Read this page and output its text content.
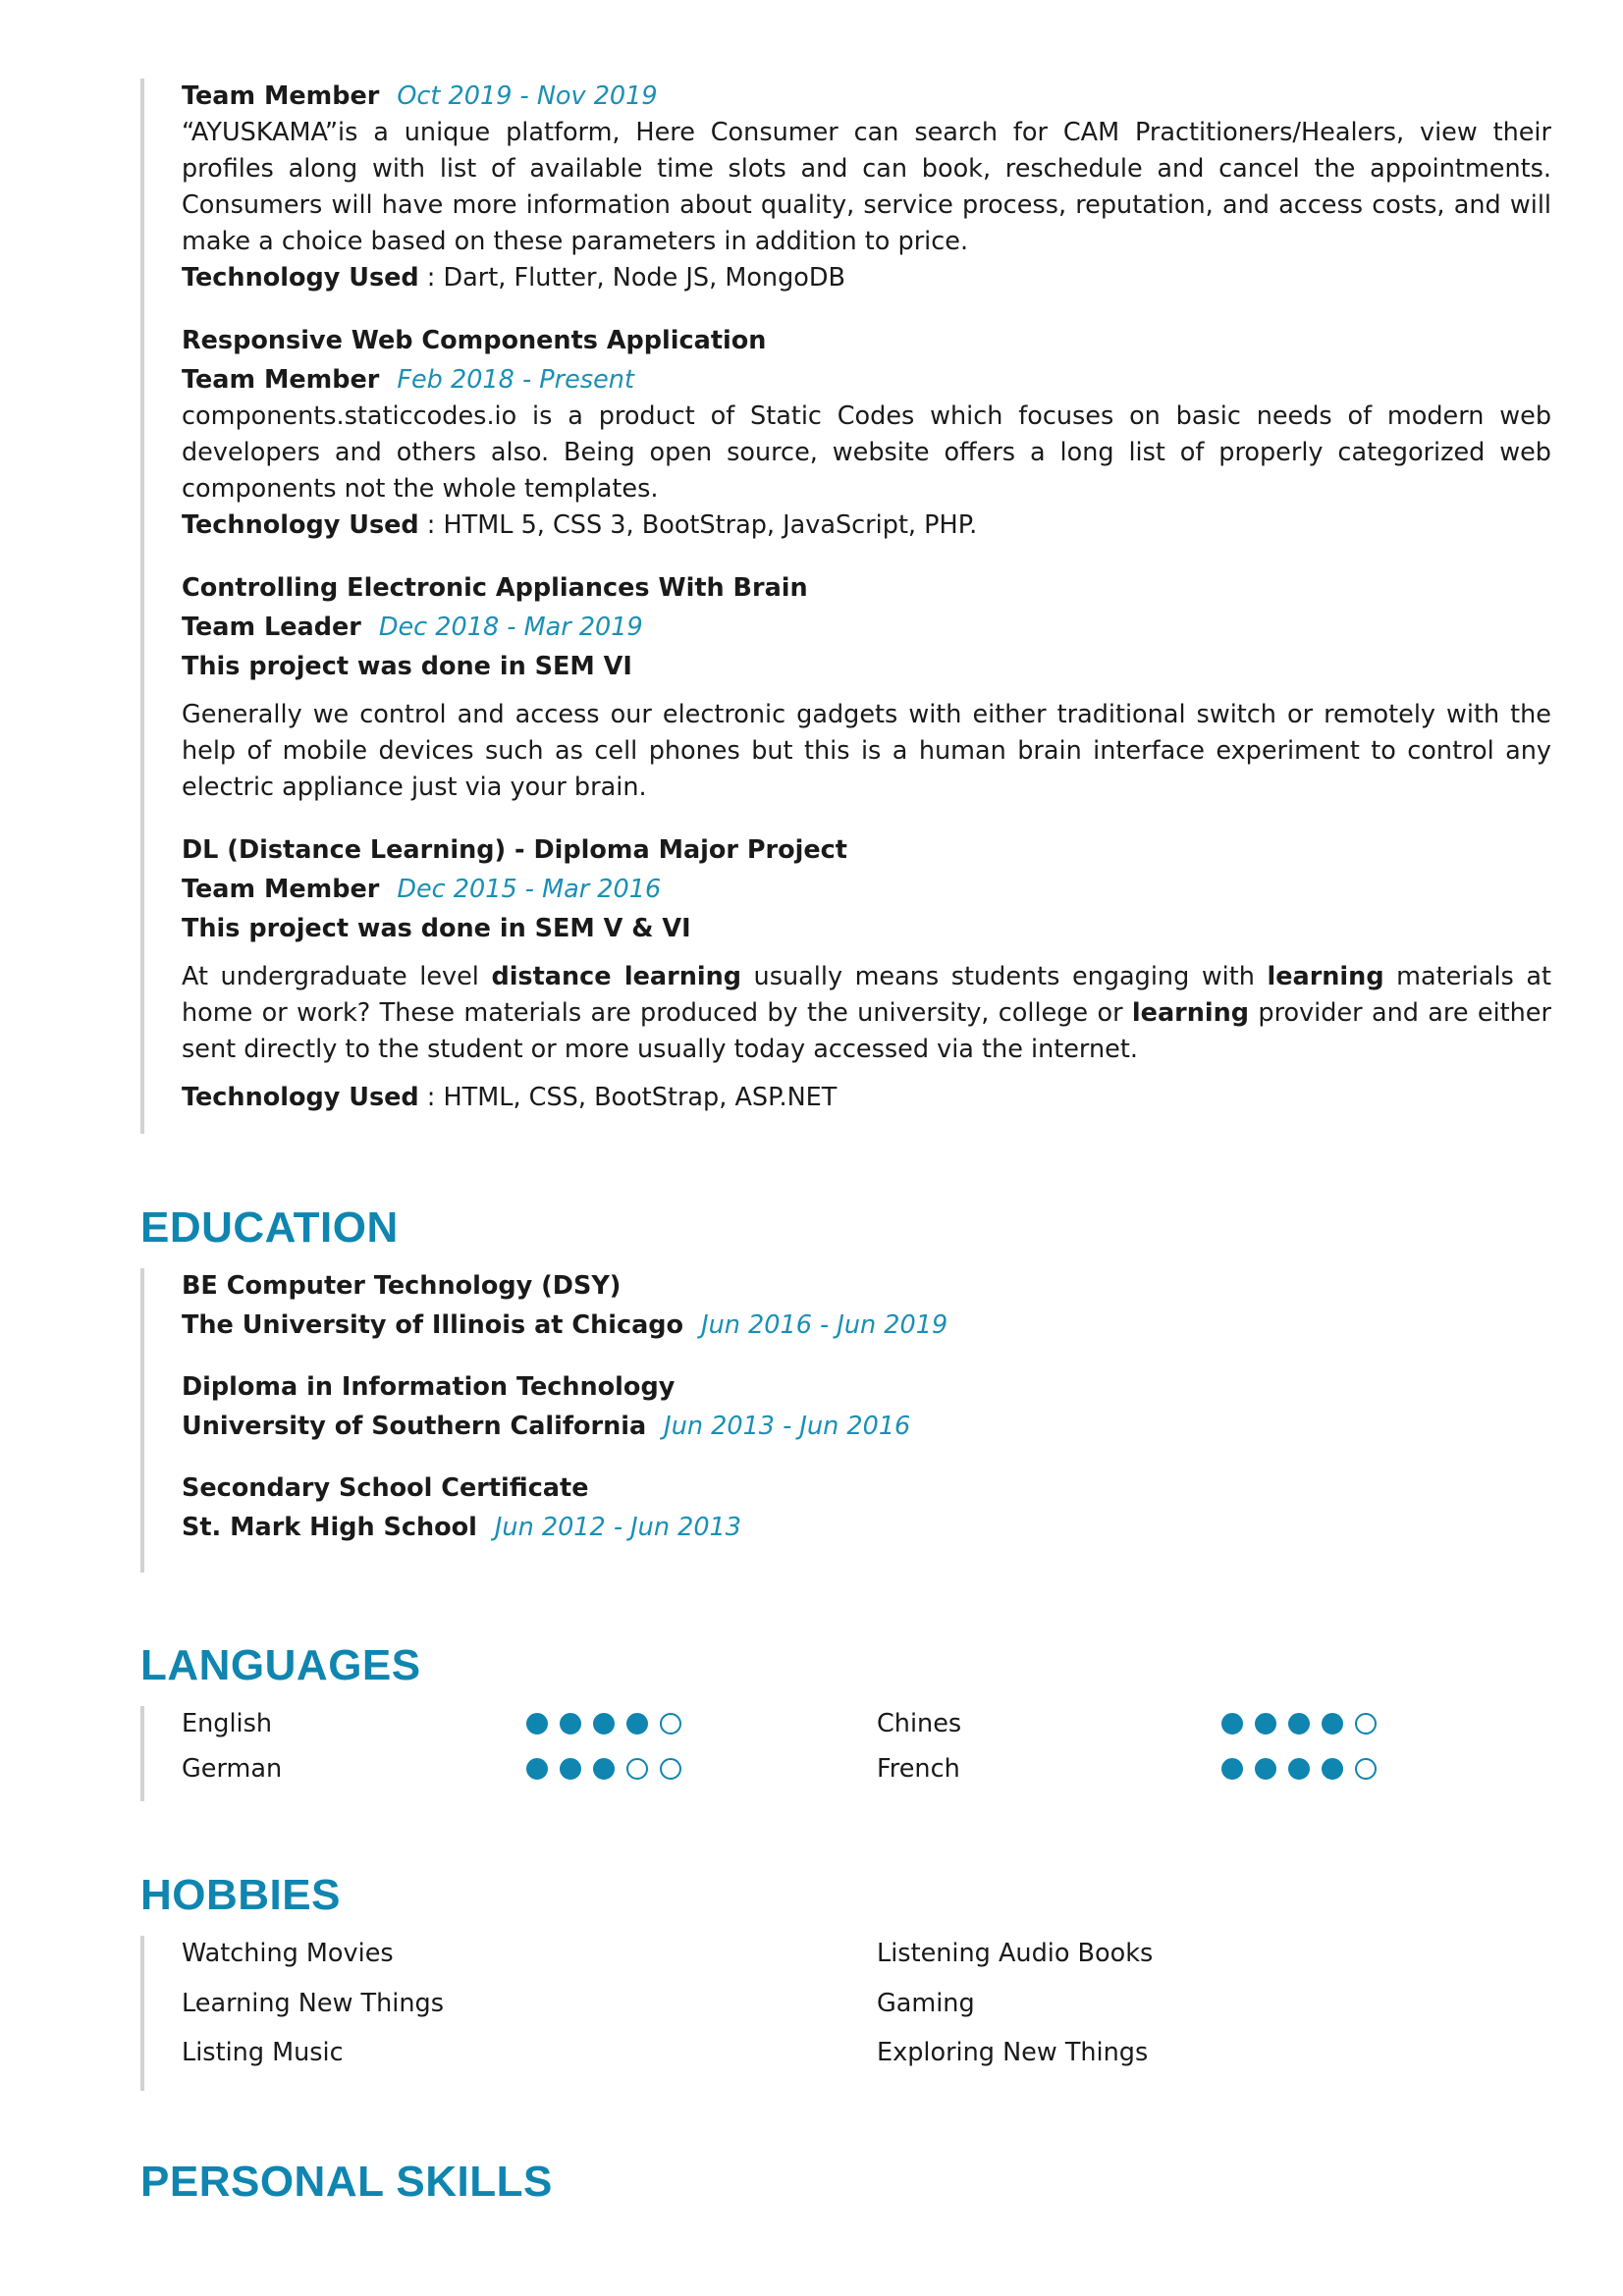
Team Member Oct 2019 - Nov 2019
“AYUSKAMA”is a unique platform, Here Consumer can search for CAM Practitioners/Healers, view their profiles along with list of available time slots and can book, reschedule and cancel the appointments. Consumers will have more information about quality, service process, reputation, and access costs, and will make a choice based on these parameters in addition to price.
Technology Used : Dart, Flutter, Node JS, MongoDB
Responsive Web Components Application
Team Member Feb 2018 - Present
components.staticcodes.io is a product of Static Codes which focuses on basic needs of modern web developers and others also. Being open source, website offers a long list of properly categorized web components not the whole templates.
Technology Used : HTML 5, CSS 3, BootStrap, JavaScript, PHP.
Controlling Electronic Appliances With Brain
Team Leader Dec 2018 - Mar 2019
This project was done in SEM VI
Generally we control and access our electronic gadgets with either traditional switch or remotely with the help of mobile devices such as cell phones but this is a human brain interface experiment to control any electric appliance just via your brain.
DL (Distance Learning) - Diploma Major Project
Team Member Dec 2015 - Mar 2016
This project was done in SEM V & VI
At undergraduate level distance learning usually means students engaging with learning materials at home or work? These materials are produced by the university, college or learning provider and are either sent directly to the student or more usually today accessed via the internet.
Technology Used : HTML, CSS, BootStrap, ASP.NET
EDUCATION
BE Computer Technology (DSY)
The University of Illinois at Chicago Jun 2016 - Jun 2019
Diploma in Information Technology
University of Southern California Jun 2013 - Jun 2016
Secondary School Certificate
St. Mark High School Jun 2012 - Jun 2013
LANGUAGES
English	Chines
German	French
HOBBIES
Watching Movies	Listening Audio Books
Learning New Things	Gaming
Listing Music	Exploring New Things
PERSONAL SKILLS
